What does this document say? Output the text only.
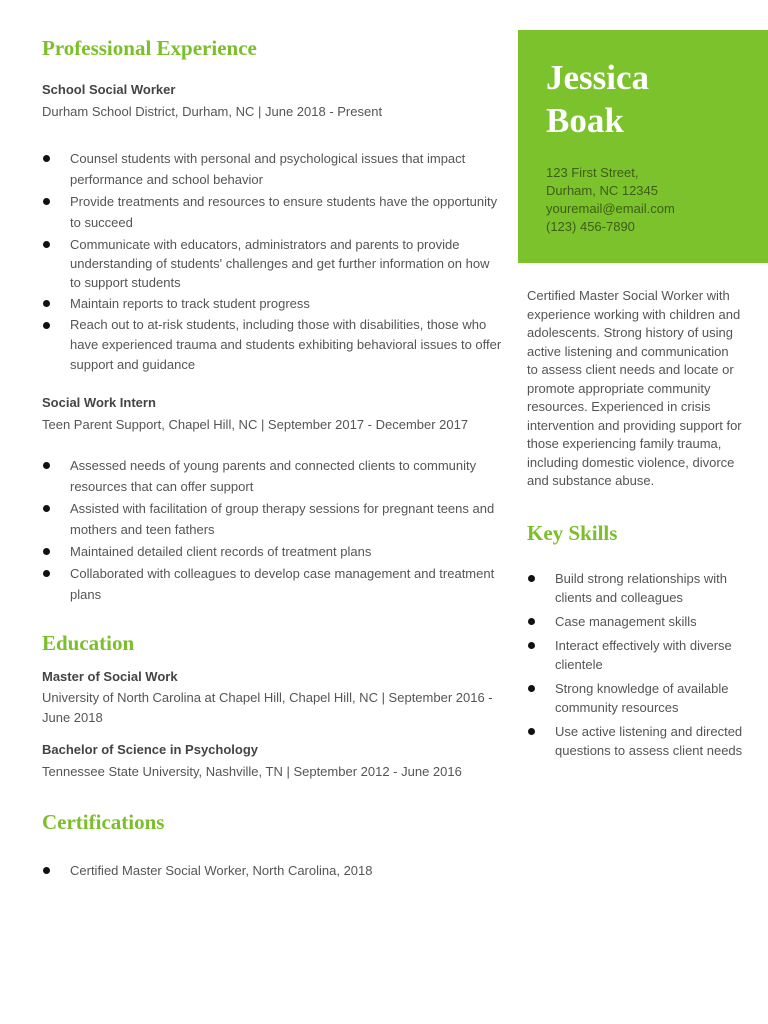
Professional Experience
School Social Worker
Durham School District, Durham, NC | June 2018 - Present
Counsel students with personal and psychological issues that impact performance and school behavior
Provide treatments and resources to ensure students have the opportunity to succeed
Communicate with educators, administrators and parents to provide understanding of students' challenges and get further information on how to support students
Maintain reports to track student progress
Reach out to at-risk students, including those with disabilities, those who have experienced trauma and students exhibiting behavioral issues to offer support and guidance
Social Work Intern
Teen Parent Support, Chapel Hill, NC | September 2017 - December 2017
Assessed needs of young parents and connected clients to community resources that can offer support
Assisted with facilitation of group therapy sessions for pregnant teens and mothers and teen fathers
Maintained detailed client records of treatment plans
Collaborated with colleagues to develop case management and treatment plans
Education
Master of Social Work
University of North Carolina at Chapel Hill, Chapel Hill, NC | September 2016 - June 2018
Bachelor of Science in Psychology
Tennessee State University, Nashville, TN | September 2012 - June 2016
Certifications
Certified Master Social Worker, North Carolina, 2018
Jessica
Boak
123 First Street,
Durham, NC 12345
youremail@email.com
(123) 456-7890
Certified Master Social Worker with experience working with children and adolescents. Strong history of using active listening and communication to assess client needs and locate or promote appropriate community resources. Experienced in crisis intervention and providing support for those experiencing family trauma, including domestic violence, divorce and substance abuse.
Key Skills
Build strong relationships with clients and colleagues
Case management skills
Interact effectively with diverse clientele
Strong knowledge of available community resources
Use active listening and directed questions to assess client needs
